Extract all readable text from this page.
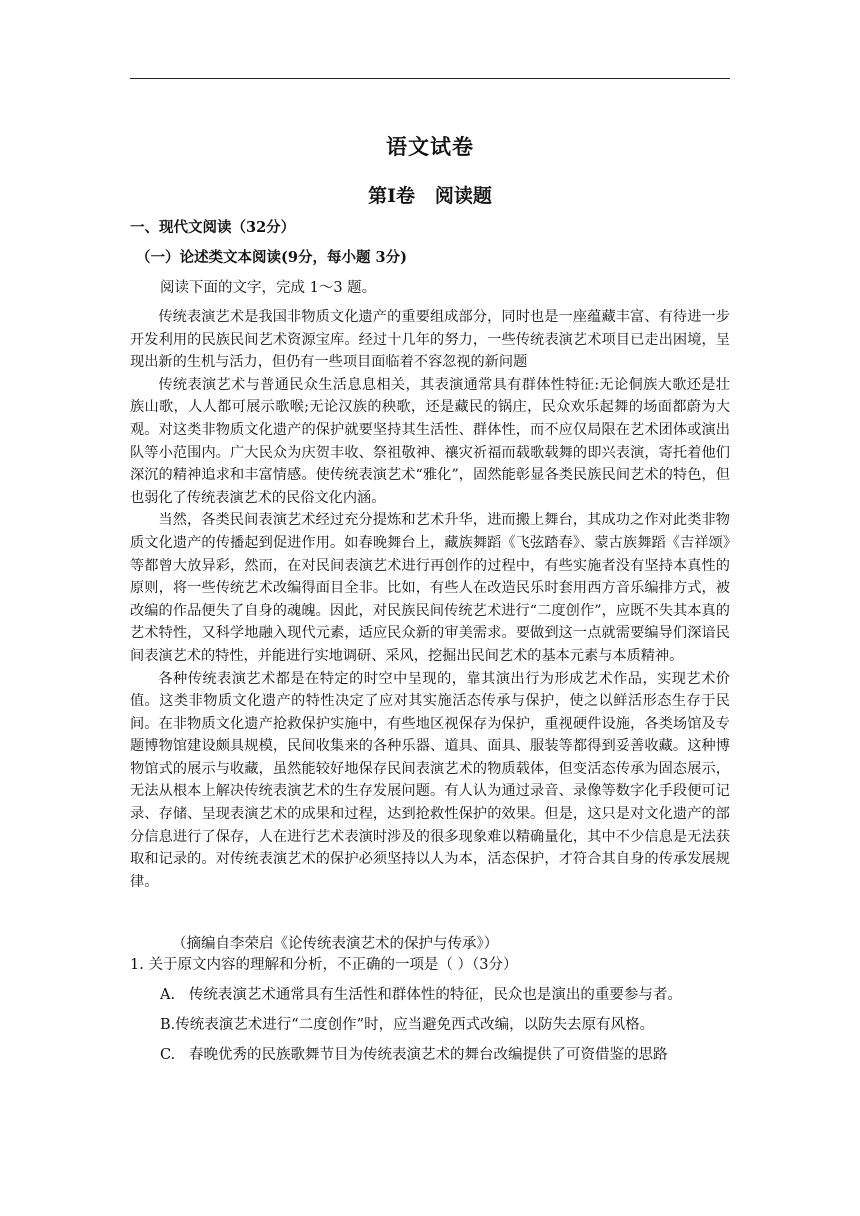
语文试卷
第Ⅰ卷   阅读题
一、现代文阅读（32分）
（一）论述类文本阅读(9分，每小题 3分)
阅读下面的文字，完成 1～3 题。

传统表演艺术是我国非物质文化遗产的重要组成部分，同时也是一座蕴藏丰富、有待进一步开发利用的民族民间艺术资源宝库。经过十几年的努力，一些传统表演艺术项目已走出困境，呈现出新的生机与活力，但仍有一些项目面临着不容忽视的新问题

传统表演艺术与普通民众生活息息相关，其表演通常具有群体性特征:无论侗族大歌还是壮族山歌，人人都可展示歌喉;无论汉族的秧歌，还是藏民的锅庄，民众欢乐起舞的场面都蔚为大观。对这类非物质文化遗产的保护就要坚持其生活性、群体性，而不应仅局限在艺术团体或演出队等小范围内。广大民众为庆贺丰收、祭祖敬神、禳灾祈福而载歌载舞的即兴表演，寄托着他们深沉的精神追求和丰富情感。使传统表演艺术“雅化”，固然能彰显各类民族民间艺术的特色，但也弱化了传统表演艺术的民俗文化内涵。

当然，各类民间表演艺术经过充分提炼和艺术升华，进而搬上舞台，其成功之作对此类非物质文化遗产的传播起到促进作用。如春晚舞台上，藏族舞蹈《飞弦踏春》、蒙古族舞蹈《吉祥颂》等都曾大放异彩，然而，在对民间表演艺术进行再创作的过程中，有些实施者没有坚持本真性的原则，将一些传统艺术改编得面目全非。比如，有些人在改造民乐时套用西方音乐编排方式，被改编的作品便失了自身的魂魄。因此，对民族民间传统艺术进行“二度创作”，应既不失其本真的艺术特性，又科学地融入现代元素，适应民众新的审美需求。要做到这一点就需要编导们深谙民间表演艺术的特性，并能进行实地调研、采风，挖掘出民间艺术的基本元素与本质精神。

各种传统表演艺术都是在特定的时空中呈现的，靠其演出行为形成艺术作品，实现艺术价值。这类非物质文化遗产的特性决定了应对其实施活态传承与保护，使之以鲜活形态生存于民间。在非物质文化遗产抢救保护实施中，有些地区视保存为保护，重视硬件设施，各类场馆及专题博物馆建设颇具规模，民间收集来的各种乐器、道具、面具、服装等都得到妥善收藏。这种博物馆式的展示与收藏，虽然能较好地保存民间表演艺术的物质载体，但变活态传承为固态展示，无法从根本上解决传统表演艺术的生存发展问题。有人认为通过录音、录像等数字化手段便可记录、存储、呈现表演艺术的成果和过程，达到抢救性保护的效果。但是，这只是对文化遗产的部分信息进行了保存，人在进行艺术表演时涉及的很多现象难以精确量化，其中不少信息是无法获取和记录的。对传统表演艺术的保护必须坚持以人为本，活态保护，才符合其自身的传承发展规律。

（摘编自李荣启《论传统表演艺术的保护与传承》）
1. 关于原文内容的理解和分析，不正确的一项是（ ）（3分）
A.   传统表演艺术通常具有生活性和群体性的特征，民众也是演出的重要参与者。
B.传统表演艺术进行“二度创作”时，应当避免西式改编，以防失去原有风格。
C.   春晚优秀的民族歌舞节目为传统表演艺术的舞台改编提供了可资借鉴的思路
